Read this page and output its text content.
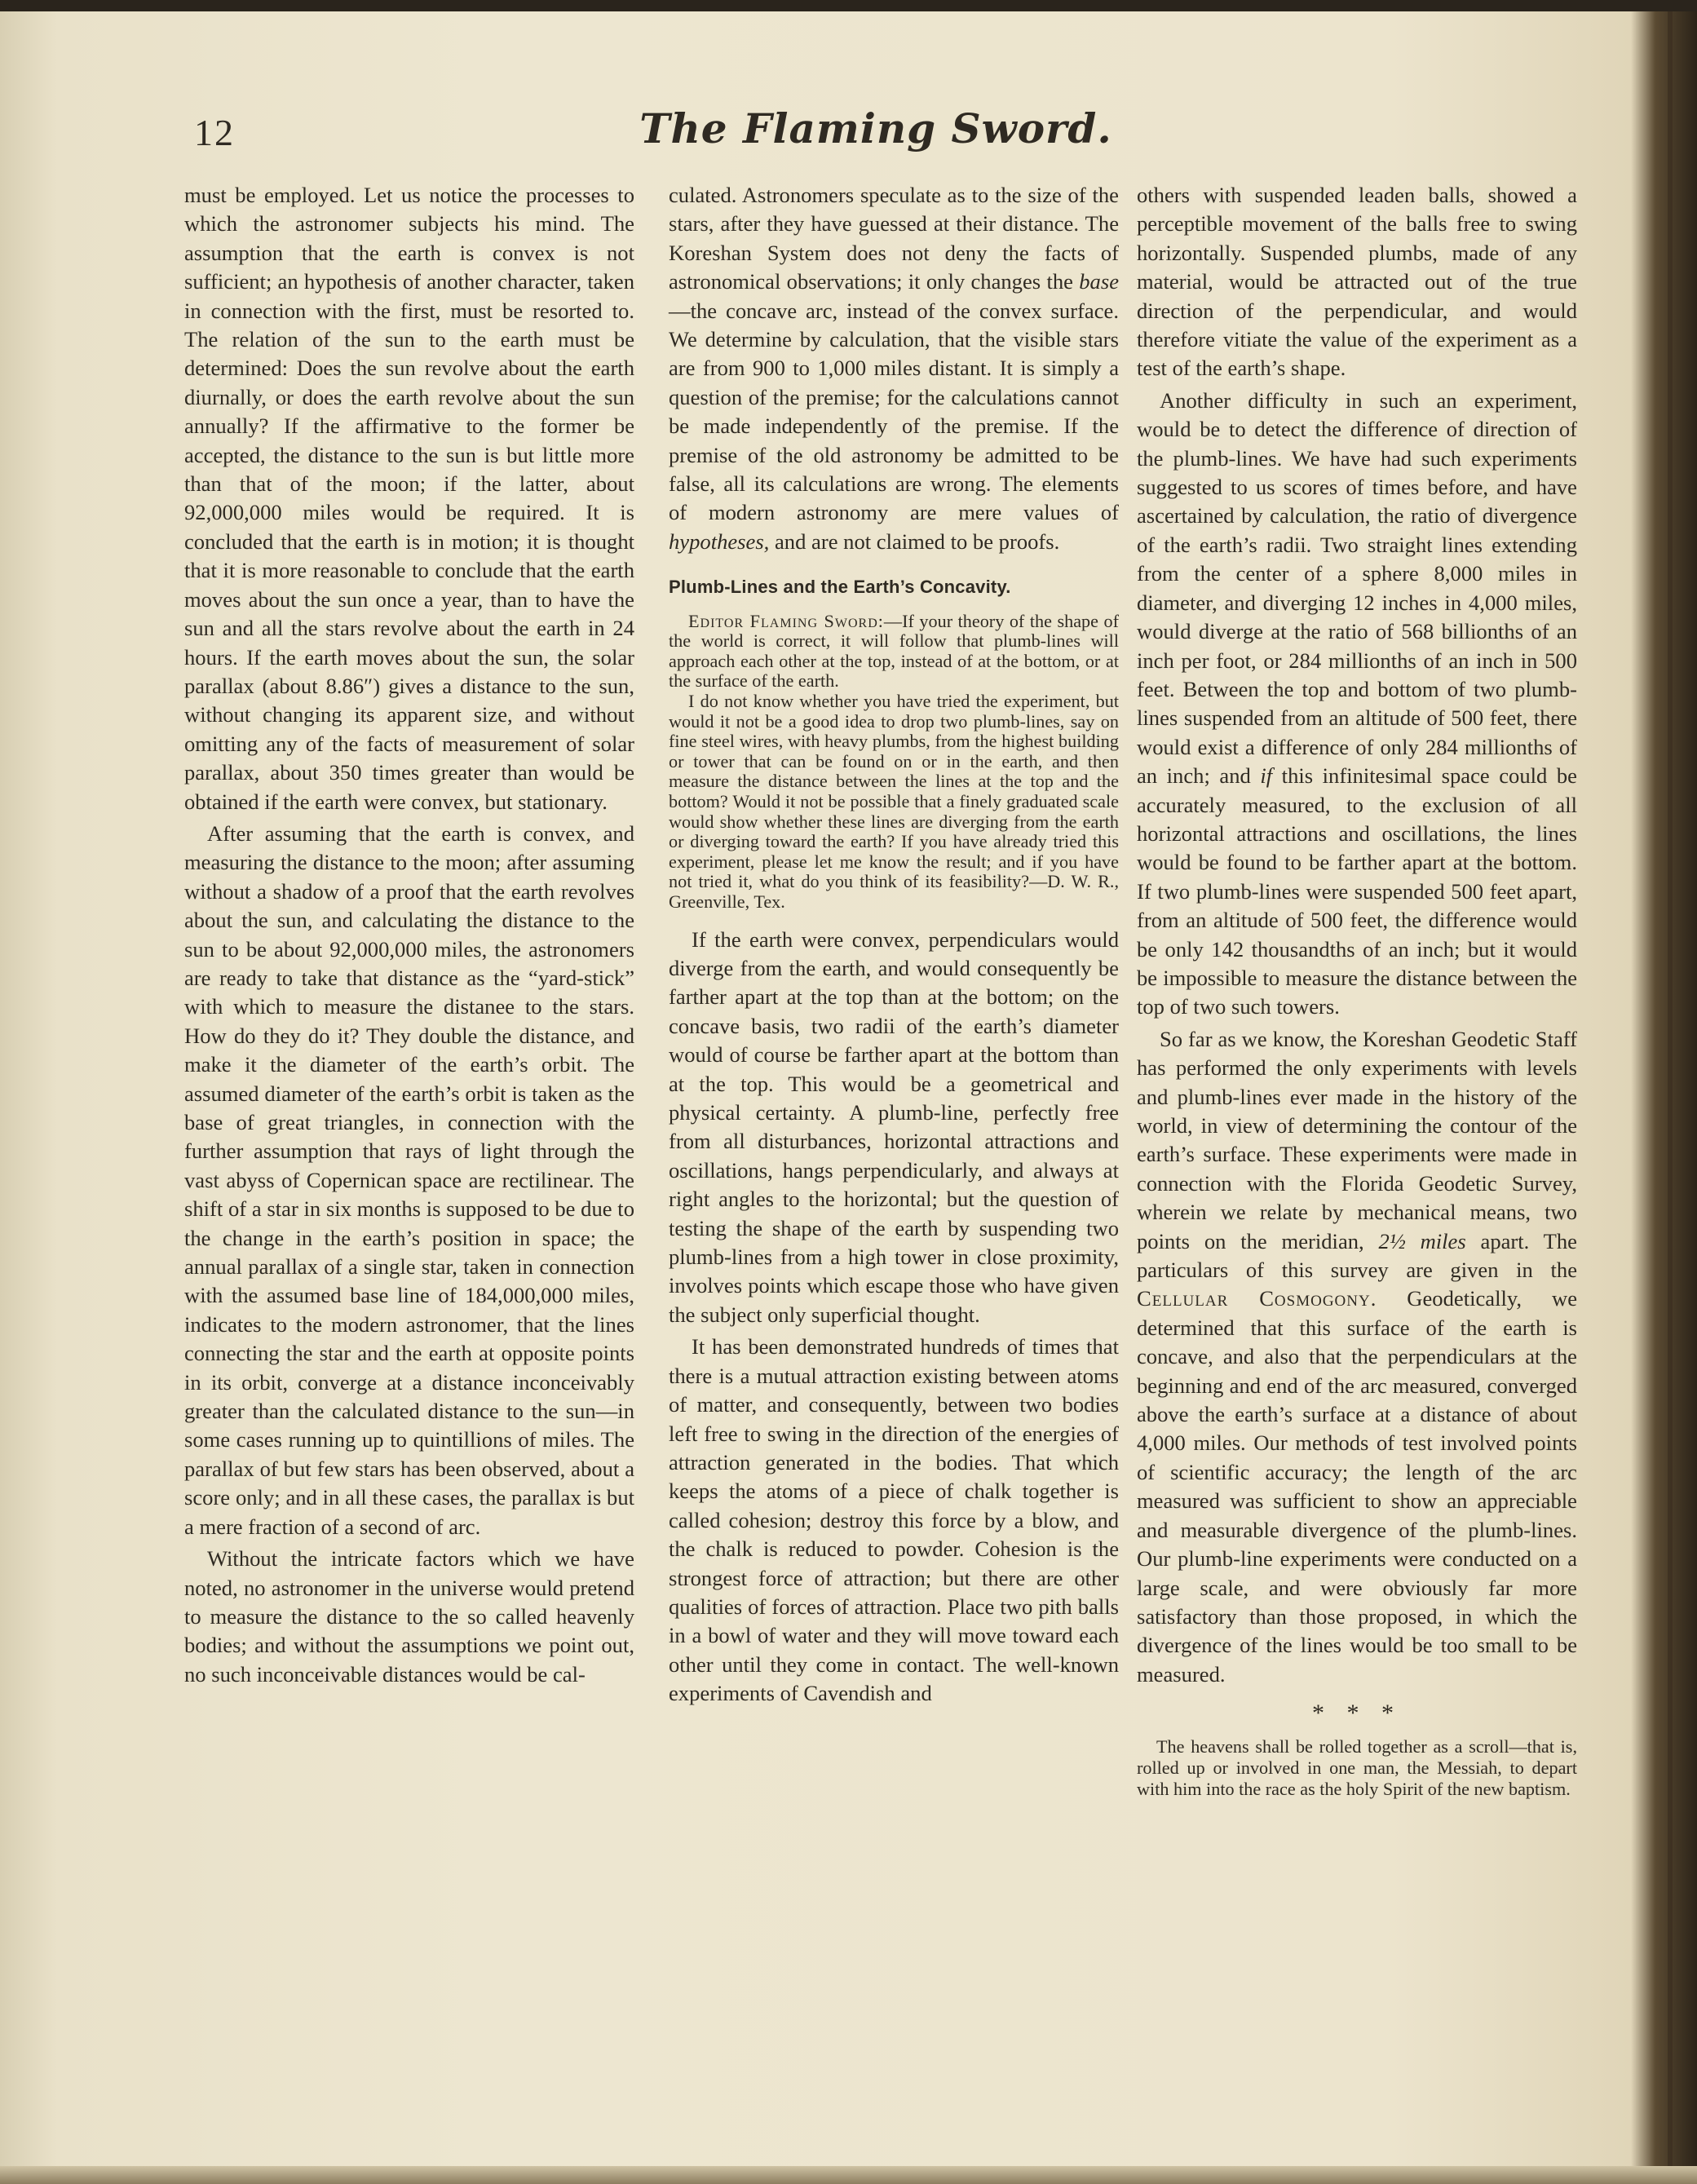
12	The Flaming Sword.

must be employed. Let us notice the processes to which the astronomer subjects his mind. The assumption that the earth is convex is not sufficient; an hypothesis of another character, taken in connection with the first, must be resorted to. The relation of the sun to the earth must be determined: Does the sun revolve about the earth diurnally, or does the earth revolve about the sun annually? If the affirmative to the former be accepted, the distance to the sun is but little more than that of the moon; if the latter, about 92,000,000 miles would be required. It is concluded that the earth is in motion; it is thought that it is more reasonable to conclude that the earth moves about the sun once a year, than to have the sun and all the stars revolve about the earth in 24 hours. If the earth moves about the sun, the solar parallax (about 8.86″) gives a distance to the sun, without changing its apparent size, and without omitting any of the facts of measurement of solar parallax, about 350 times greater than would be obtained if the earth were convex, but stationary.

After assuming that the earth is convex, and measuring the distance to the moon; after assuming without a shadow of a proof that the earth revolves about the sun, and calculating the distance to the sun to be about 92,000,000 miles, the astronomers are ready to take that distance as the “yard-stick” with which to measure the distanee to the stars. How do they do it? They double the distance, and make it the diameter of the earth’s orbit. The assumed diameter of the earth’s orbit is taken as the base of great triangles, in connection with the further assumption that rays of light through the vast abyss of Copernican space are rectilinear. The shift of a star in six months is supposed to be due to the change in the earth’s position in space; the annual parallax of a single star, taken in connection with the assumed base line of 184,000,000 miles, indicates to the modern astronomer, that the lines connecting the star and the earth at opposite points in its orbit, converge at a distance inconceivably greater than the calculated distance to the sun—in some cases running up to quintillions of miles. The parallax of but few stars has been observed, about a score only; and in all these cases, the parallax is but a mere fraction of a second of arc.

Without the intricate factors which we have noted, no astronomer in the universe would pretend to measure the distance to the so called heavenly bodies; and without the assumptions we point out, no such inconceivable distances would be cal-

culated. Astronomers speculate as to the size of the stars, after they have guessed at their distance. The Koreshan System does not deny the facts of astronomical observations; it only changes the base—the concave arc, instead of the convex surface. We determine by calculation, that the visible stars are from 900 to 1,000 miles distant. It is simply a question of the premise; for the calculations cannot be made independently of the premise. If the premise of the old astronomy be admitted to be false, all its calculations are wrong. The elements of modern astronomy are mere values of hypotheses, and are not claimed to be proofs.

Plumb-Lines and the Earth’s Concavity.

Editor Flaming Sword:—If your theory of the shape of the world is correct, it will follow that plumb-lines will approach each other at the top, instead of at the bottom, or at the surface of the earth.

I do not know whether you have tried the experiment, but would it not be a good idea to drop two plumb-lines, say on fine steel wires, with heavy plumbs, from the highest building or tower that can be found on or in the earth, and then measure the distance between the lines at the top and the bottom? Would it not be possible that a finely graduated scale would show whether these lines are diverging from the earth or diverging toward the earth? If you have already tried this experiment, please let me know the result; and if you have not tried it, what do you think of its feasibility?—D. W. R., Greenville, Tex.

If the earth were convex, perpendiculars would diverge from the earth, and would consequently be farther apart at the top than at the bottom; on the concave basis, two radii of the earth’s diameter would of course be farther apart at the bottom than at the top. This would be a geometrical and physical certainty. A plumb-line, perfectly free from all disturbances, horizontal attractions and oscillations, hangs perpendicularly, and always at right angles to the horizontal; but the question of testing the shape of the earth by suspending two plumb-lines from a high tower in close proximity, involves points which escape those who have given the subject only superficial thought.

It has been demonstrated hundreds of times that there is a mutual attraction existing between atoms of matter, and consequently, between two bodies left free to swing in the direction of the energies of attraction generated in the bodies. That which keeps the atoms of a piece of chalk together is called cohesion; destroy this force by a blow, and the chalk is reduced to powder. Cohesion is the strongest force of attraction; but there are other qualities of forces of attraction. Place two pith balls in a bowl of water and they will move toward each other until they come in contact. The well-known experiments of Cavendish and

others with suspended leaden balls, showed a perceptible movement of the balls free to swing horizontally. Suspended plumbs, made of any material, would be attracted out of the true direction of the perpendicular, and would therefore vitiate the value of the experiment as a test of the earth’s shape.

Another difficulty in such an experiment, would be to detect the difference of direction of the plumb-lines. We have had such experiments suggested to us scores of times before, and have ascertained by calculation, the ratio of divergence of the earth’s radii. Two straight lines extending from the center of a sphere 8,000 miles in diameter, and diverging 12 inches in 4,000 miles, would diverge at the ratio of 568 billionths of an inch per foot, or 284 millionths of an inch in 500 feet. Between the top and bottom of two plumb-lines suspended from an altitude of 500 feet, there would exist a difference of only 284 millionths of an inch; and if this infinitesimal space could be accurately measured, to the exclusion of all horizontal attractions and oscillations, the lines would be found to be farther apart at the bottom. If two plumb-lines were suspended 500 feet apart, from an altitude of 500 feet, the difference would be only 142 thousandths of an inch; but it would be impossible to measure the distance between the top of two such towers.

So far as we know, the Koreshan Geodetic Staff has performed the only experiments with levels and plumb-lines ever made in the history of the world, in view of determining the contour of the earth’s surface. These experiments were made in connection with the Florida Geodetic Survey, wherein we relate by mechanical means, two points on the meridian, 2½ miles apart. The particulars of this survey are given in the Cellular Cosmogony. Geodetically, we determined that this surface of the earth is concave, and also that the perpendiculars at the beginning and end of the arc measured, converged above the earth’s surface at a distance of about 4,000 miles. Our methods of test involved points of scientific accuracy; the length of the arc measured was sufficient to show an appreciable and measurable divergence of the plumb-lines. Our plumb-line experiments were conducted on a large scale, and were obviously far more satisfactory than those proposed, in which the divergence of the lines would be too small to be measured.

* * *

The heavens shall be rolled together as a scroll—that is, rolled up or involved in one man, the Messiah, to depart with him into the race as the holy Spirit of the new baptism.
